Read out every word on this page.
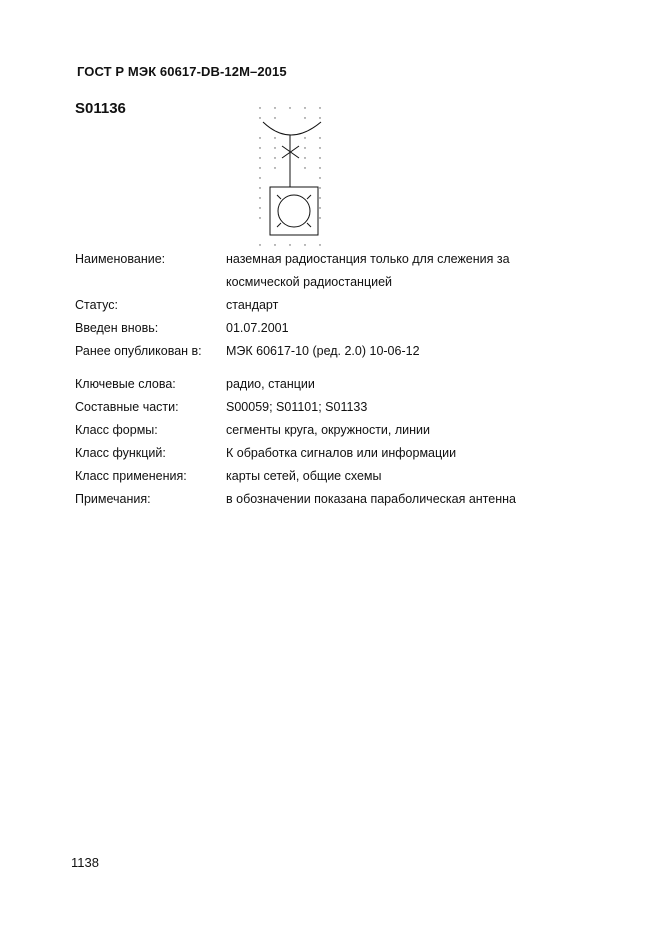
ГОСТ Р МЭК 60617-DB-12M–2015
S01136
Наименование:	наземная радиостанция только для слежения за
космической радиостанцией
Статус:	стандарт
Введен вновь:	01.07.2001
Ранее опубликован в: МЭК 60617-10 (ред. 2.0) 10-06-12
Ключевые слова:	радио, станции
Составные части:	S00059; S01101; S01133
Класс формы:	сегменты круга, окружности, линии
Класс функций:	К обработка сигналов или информации
Класс применения:	карты сетей, общие схемы
Примечания:	в обозначении показана параболическая антенна
1138
